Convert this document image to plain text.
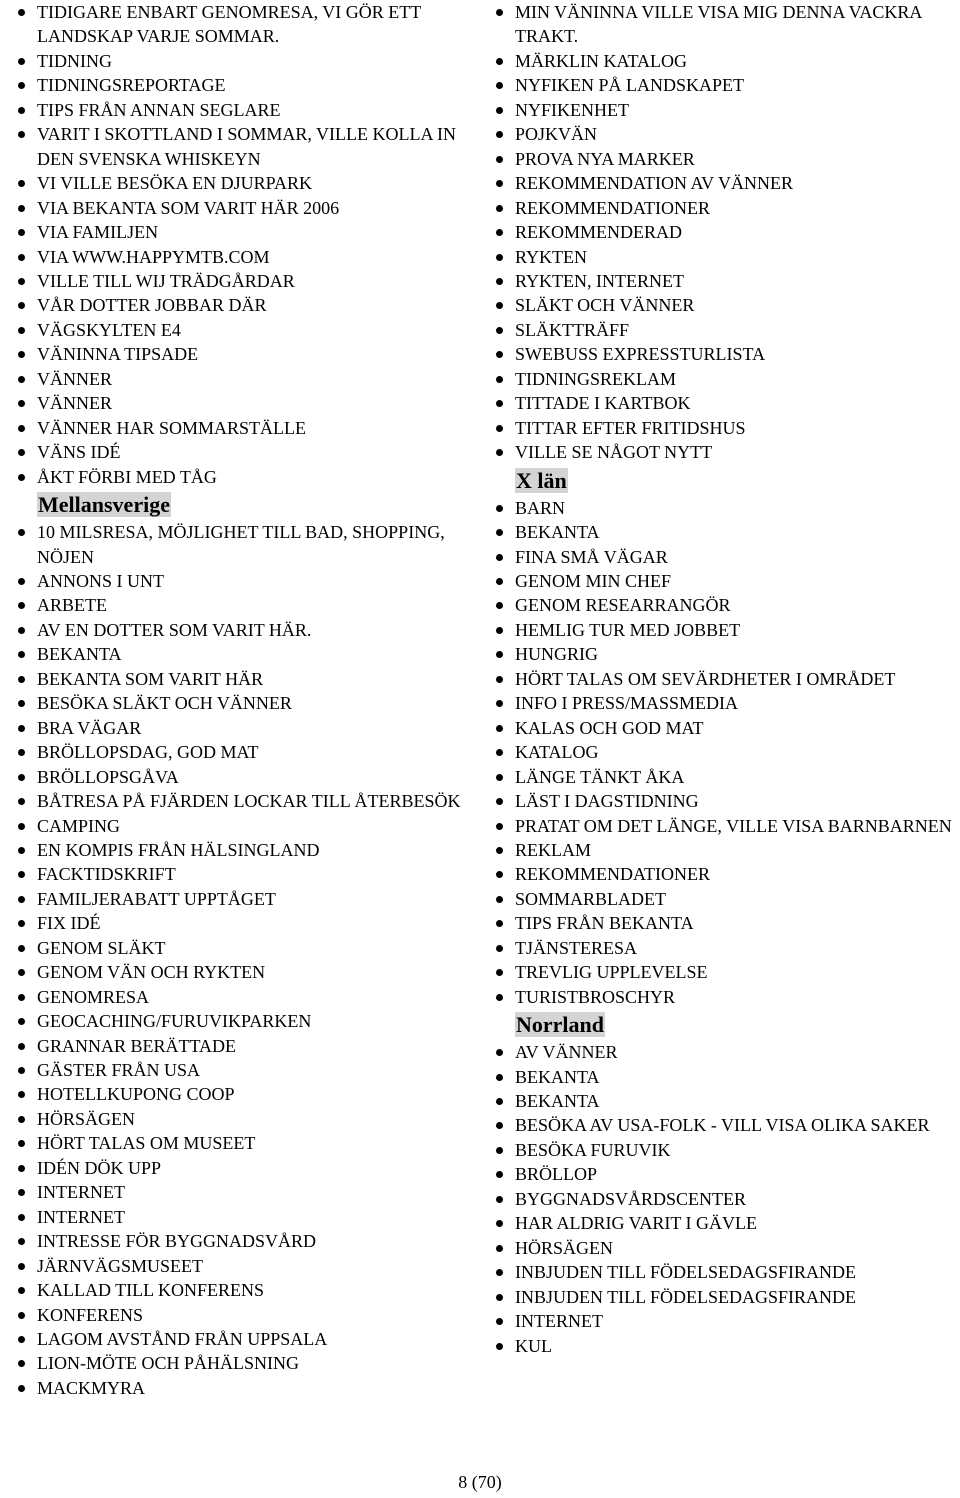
TIDIGARE ENBART GENOMRESA, VI GÖR ETT LANDSKAP VARJE SOMMAR.
TIDNING
TIDNINGSREPORTAGE
TIPS FRÅN ANNAN SEGLARE
VARIT I SKOTTLAND I SOMMAR, VILLE KOLLA IN DEN SVENSKA WHISKEYN
VI VILLE BESÖKA EN DJURPARK
VIA BEKANTA SOM VARIT HÄR 2006
VIA FAMILJEN
VIA WWW.HAPPYMTB.COM
VILLE TILL WIJ TRÄDGÅRDAR
VÅR DOTTER JOBBAR DÄR
VÄGSKYLTEN E4
VÄNINNA TIPSADE
VÄNNER
VÄNNER
VÄNNER HAR SOMMARSTÄLLE
VÄNS IDÉ
ÅKT FÖRBI MED TÅG
Mellansverige
10 MILSRESA, MÖJLIGHET TILL BAD, SHOPPING, NÖJEN
ANNONS I UNT
ARBETE
AV EN DOTTER SOM VARIT HÄR.
BEKANTA
BEKANTA SOM VARIT HÄR
BESÖKA SLÄKT OCH VÄNNER
BRA VÄGAR
BRÖLLOPSDAG, GOD MAT
BRÖLLOPSGÅVA
BÅTRESA PÅ FJÄRDEN LOCKAR TILL ÅTERBESÖK
CAMPING
EN KOMPIS FRÅN HÄLSINGLAND
FACKTIDSKRIFT
FAMILJERABATT UPPTÅGET
FIX IDÉ
GENOM SLÄKT
GENOM VÄN OCH RYKTEN
GENOMRESA
GEOCACHING/FURUVIKPARKEN
GRANNAR BERÄTTADE
GÄSTER FRÅN USA
HOTELLKUPONG COOP
HÖRSÄGEN
HÖRT TALAS OM MUSEET
IDÉN DÖK UPP
INTERNET
INTERNET
INTRESSE FÖR BYGGNADSVÅRD
JÄRNVÄGSMUSEET
KALLAD TILL KONFERENS
KONFERENS
LAGOM AVSTÅND FRÅN UPPSALA
LION-MÖTE OCH PÅHÄLSNING
MACKMYRA
MIN VÄNINNA VILLE VISA MIG DENNA VACKRA TRAKT.
MÄRKLIN KATALOG
NYFIKEN PÅ LANDSKAPET
NYFIKENHET
POJKVÄN
PROVA NYA MARKER
REKOMMENDATION AV VÄNNER
REKOMMENDATIONER
REKOMMENDERAD
RYKTEN
RYKTEN, INTERNET
SLÄKT OCH VÄNNER
SLÄKTTRÄFF
SWEBUSS EXPRESSTURLISTA
TIDNINGSREKLAM
TITTADE I KARTBOK
TITTAR EFTER FRITIDSHUS
VILLE SE NÅGOT NYTT
X län
BARN
BEKANTA
FINA SMÅ VÄGAR
GENOM MIN CHEF
GENOM RESEARRANGÖR
HEMLIG TUR MED JOBBET
HUNGRIG
HÖRT TALAS OM SEVÄRDHETER I OMRÅDET
INFO I PRESS/MASSMEDIA
KALAS OCH GOD MAT
KATALOG
LÄNGE TÄNKT ÅKA
LÄST I DAGSTIDNING
PRATAT OM DET LÄNGE, VILLE VISA BARNBARNEN
REKLAM
REKOMMENDATIONER
SOMMARBLADET
TIPS FRÅN BEKANTA
TJÄNSTERESA
TREVLIG UPPLEVELSE
TURISTBROSCHYR
Norrland
AV VÄNNER
BEKANTA
BEKANTA
BESÖKA AV USA-FOLK - VILL VISA OLIKA SAKER
BESÖKA FURUVIK
BRÖLLOP
BYGGNADSVÅRDSCENTER
HAR ALDRIG VARIT I GÄVLE
HÖRSÄGEN
INBJUDEN TILL FÖDELSEDAGSFIRANDE
INBJUDEN TILL FÖDELSEDAGSFIRANDE
INTERNET
KUL
8 (70)
